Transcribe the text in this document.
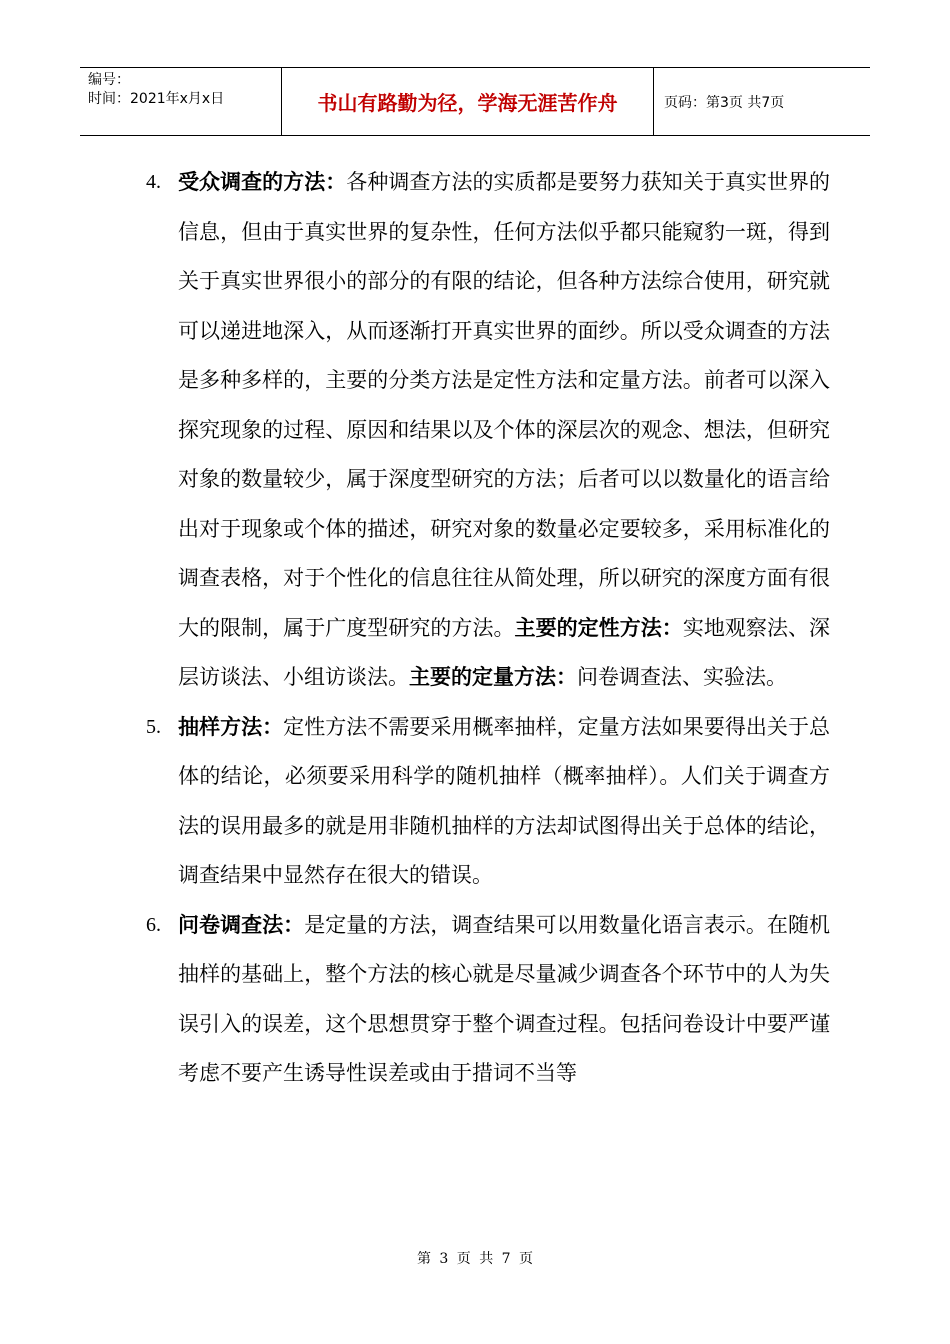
编号：
时间：2021年x月x日	书山有路勤为径，学海无涯苦作舟	页码：第3页 共7页
4. 受众调查的方法：各种调查方法的实质都是要努力获知关于真实世界的信息，但由于真实世界的复杂性，任何方法似乎都只能窥豹一斑，得到关于真实世界很小的部分的有限的结论，但各种方法综合使用，研究就可以递进地深入，从而逐渐打开真实世界的面纱。所以受众调查的方法是多种多样的，主要的分类方法是定性方法和定量方法。前者可以深入探究现象的过程、原因和结果以及个体的深层次的观念、想法，但研究对象的数量较少，属于深度型研究的方法；后者可以以数量化的语言给出对于现象或个体的描述，研究对象的数量必定要较多，采用标准化的调查表格，对于个性化的信息往往从简处理，所以研究的深度方面有很大的限制，属于广度型研究的方法。主要的定性方法：实地观察法、深层访谈法、小组访谈法。主要的定量方法：问卷调查法、实验法。
5. 抽样方法：定性方法不需要采用概率抽样，定量方法如果要得出关于总体的结论，必须要采用科学的随机抽样（概率抽样）。人们关于调查方法的误用最多的就是用非随机抽样的方法却试图得出关于总体的结论，调查结果中显然存在很大的错误。
6. 问卷调查法：是定量的方法，调查结果可以用数量化语言表示。在随机抽样的基础上，整个方法的核心就是尽量减少调查各个环节中的人为失误引入的误差，这个思想贯穿于整个调查过程。包括问卷设计中要严谨考虑不要产生诱导性误差或由于措词不当等
第 3 页 共 7 页
